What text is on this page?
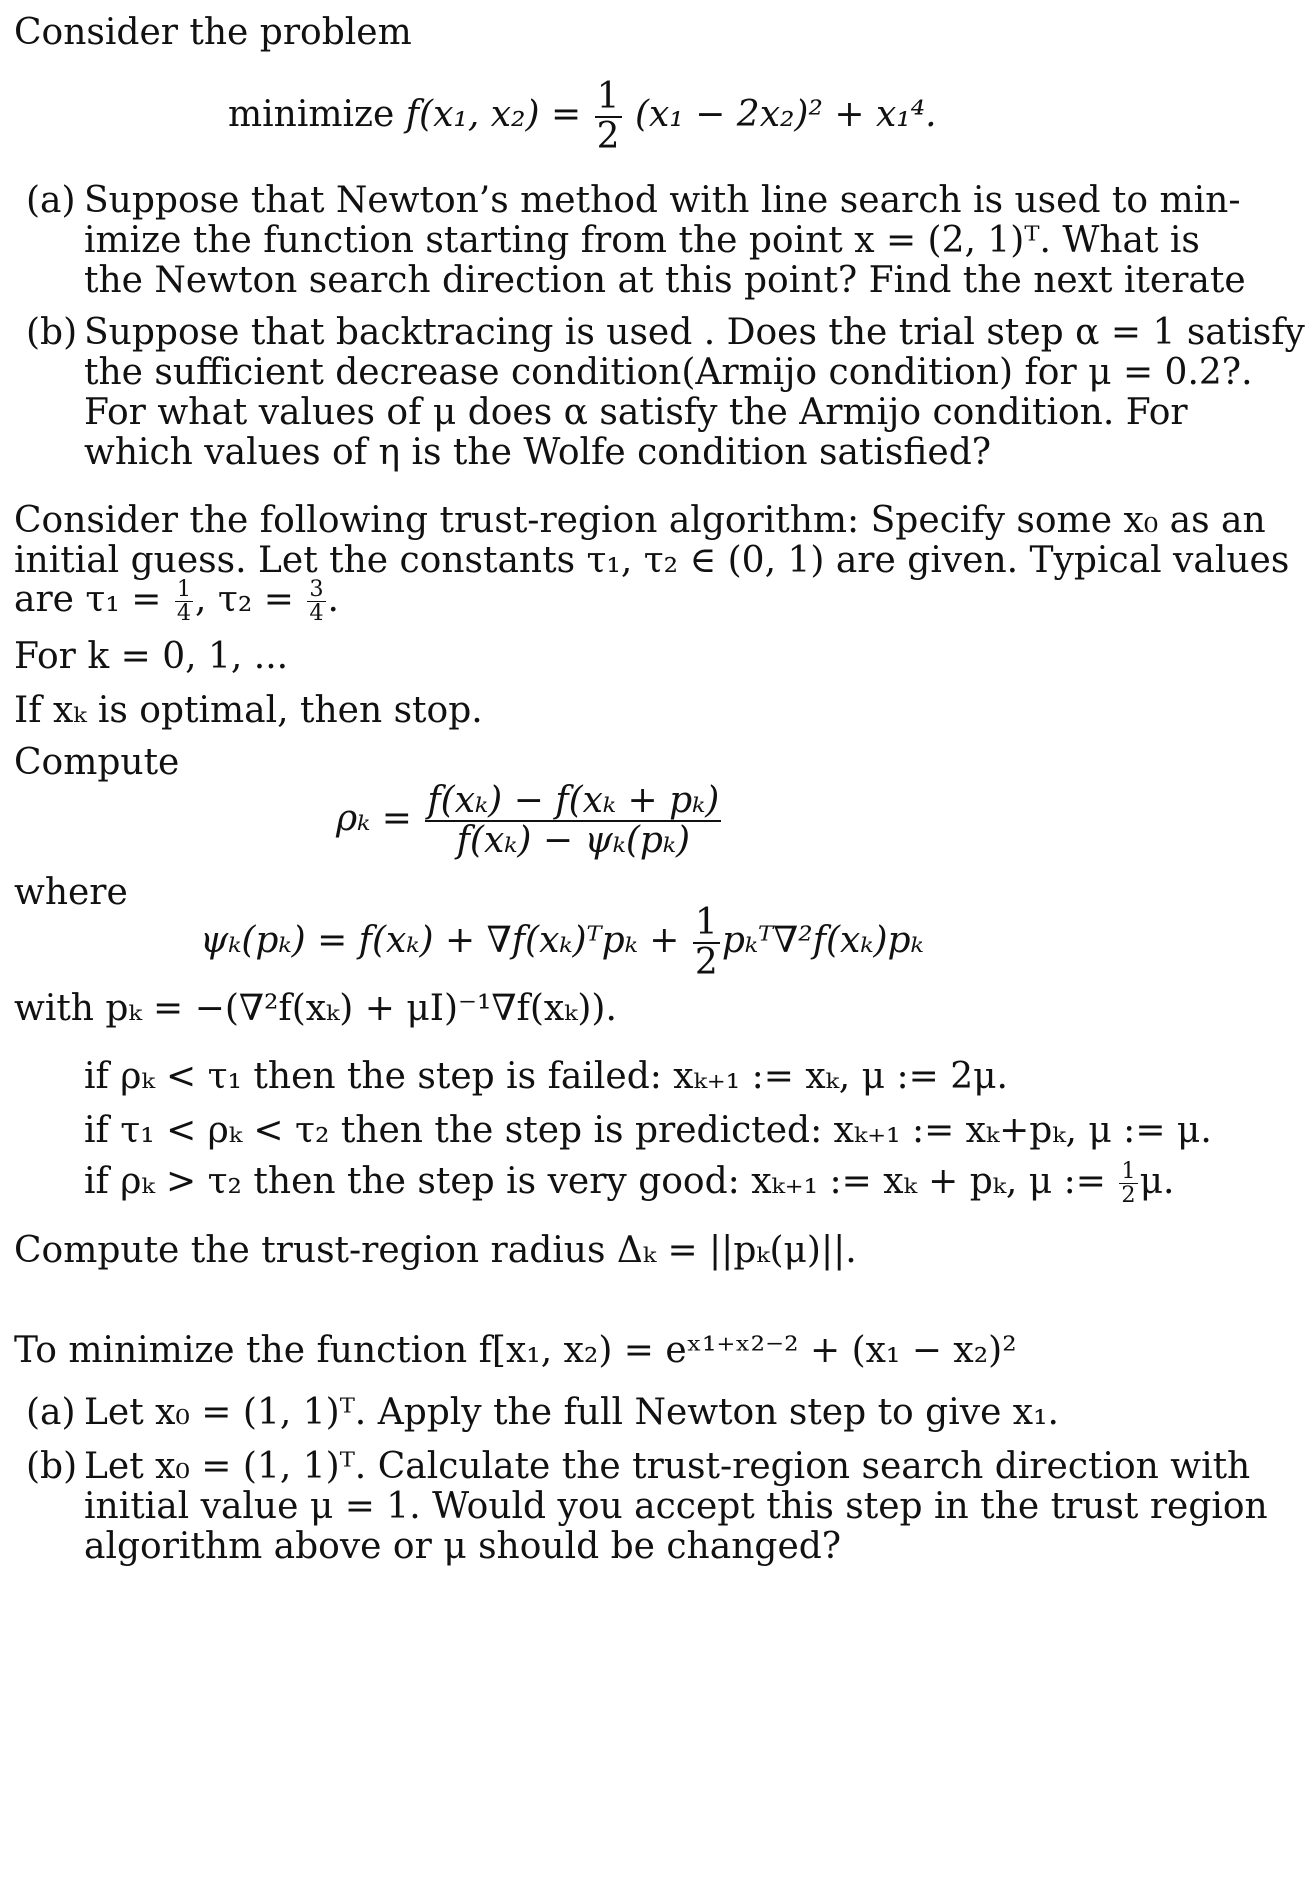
Consider the problem
minimize f(x₁, $x_2) = \frac{1}{2} (x_1 - 2x_2)^2 + x_1^4$.
(a) Suppose that Newton’s method with line search is used to min-
imize the function starting from the point x = (2, 1)ᵀ. What is
the Newton search direction at this point? Find the next iterate
(b) Suppose that backtracing is used . Does the trial step α = 1 satisfy
the sufficient decrease condition(Armijo condition) for μ = 0.2?.
For what values of μ does α satisfy the Armijo condition. For
which values of η is the Wolfe condition satisfied?
Consider the following trust-region algorithm: Specify some x₀ as an
initial guess. Let the constants τ₁, τ₂ ∈ (0, 1) are given. Typical values
are $\tau_1 = \frac{1}{4}$ , $\tau_2 = \frac{3}{4}$ .
For k = 0, 1, ...
If xₖ is optimal, then stop.
Compute
$\rho_k = \frac{\text{f(xₖ) − f(xₖ + pₖ)}}{\text{f(xₖ) − ψₖ(pₖ)}}$
where
ψₖ(pₖ) = f(xₖ) + ∇f(xₖ)ᵀpₖ + $\frac{1}{2}$ pₖᵀ∇²f(xₖ)pₖ
with pₖ = −(∇²f(xₖ) + μI)⁻¹∇f(xₖ)).
if ρₖ < τ₁ then the step is failed: xₖ₊₁ := xₖ, μ := 2μ.
if τ₁ < ρₖ < τ₂ then the step is predicted: xₖ₊₁ := xₖ+pₖ, μ := μ.
if ρₖ > τ₂ then the step is very good: xₖ₊₁ := xₖ + pₖ, μ := $\frac{1}{2} \mu$.
Compute the trust-region radius Δₖ = ||pₖ(μ)||.
To minimize the function f[x₁, x₂) = eˣ¹⁺ˣ²⁻² + (x₁ − x₂)²
(a) Let x₀ = (1, 1)ᵀ. Apply the full Newton step to give x₁.
(b) Let x₀ = (1, 1)ᵀ. Calculate the trust-region search direction with
initial value μ = 1. Would you accept this step in the trust region
algorithm above or μ should be changed?
